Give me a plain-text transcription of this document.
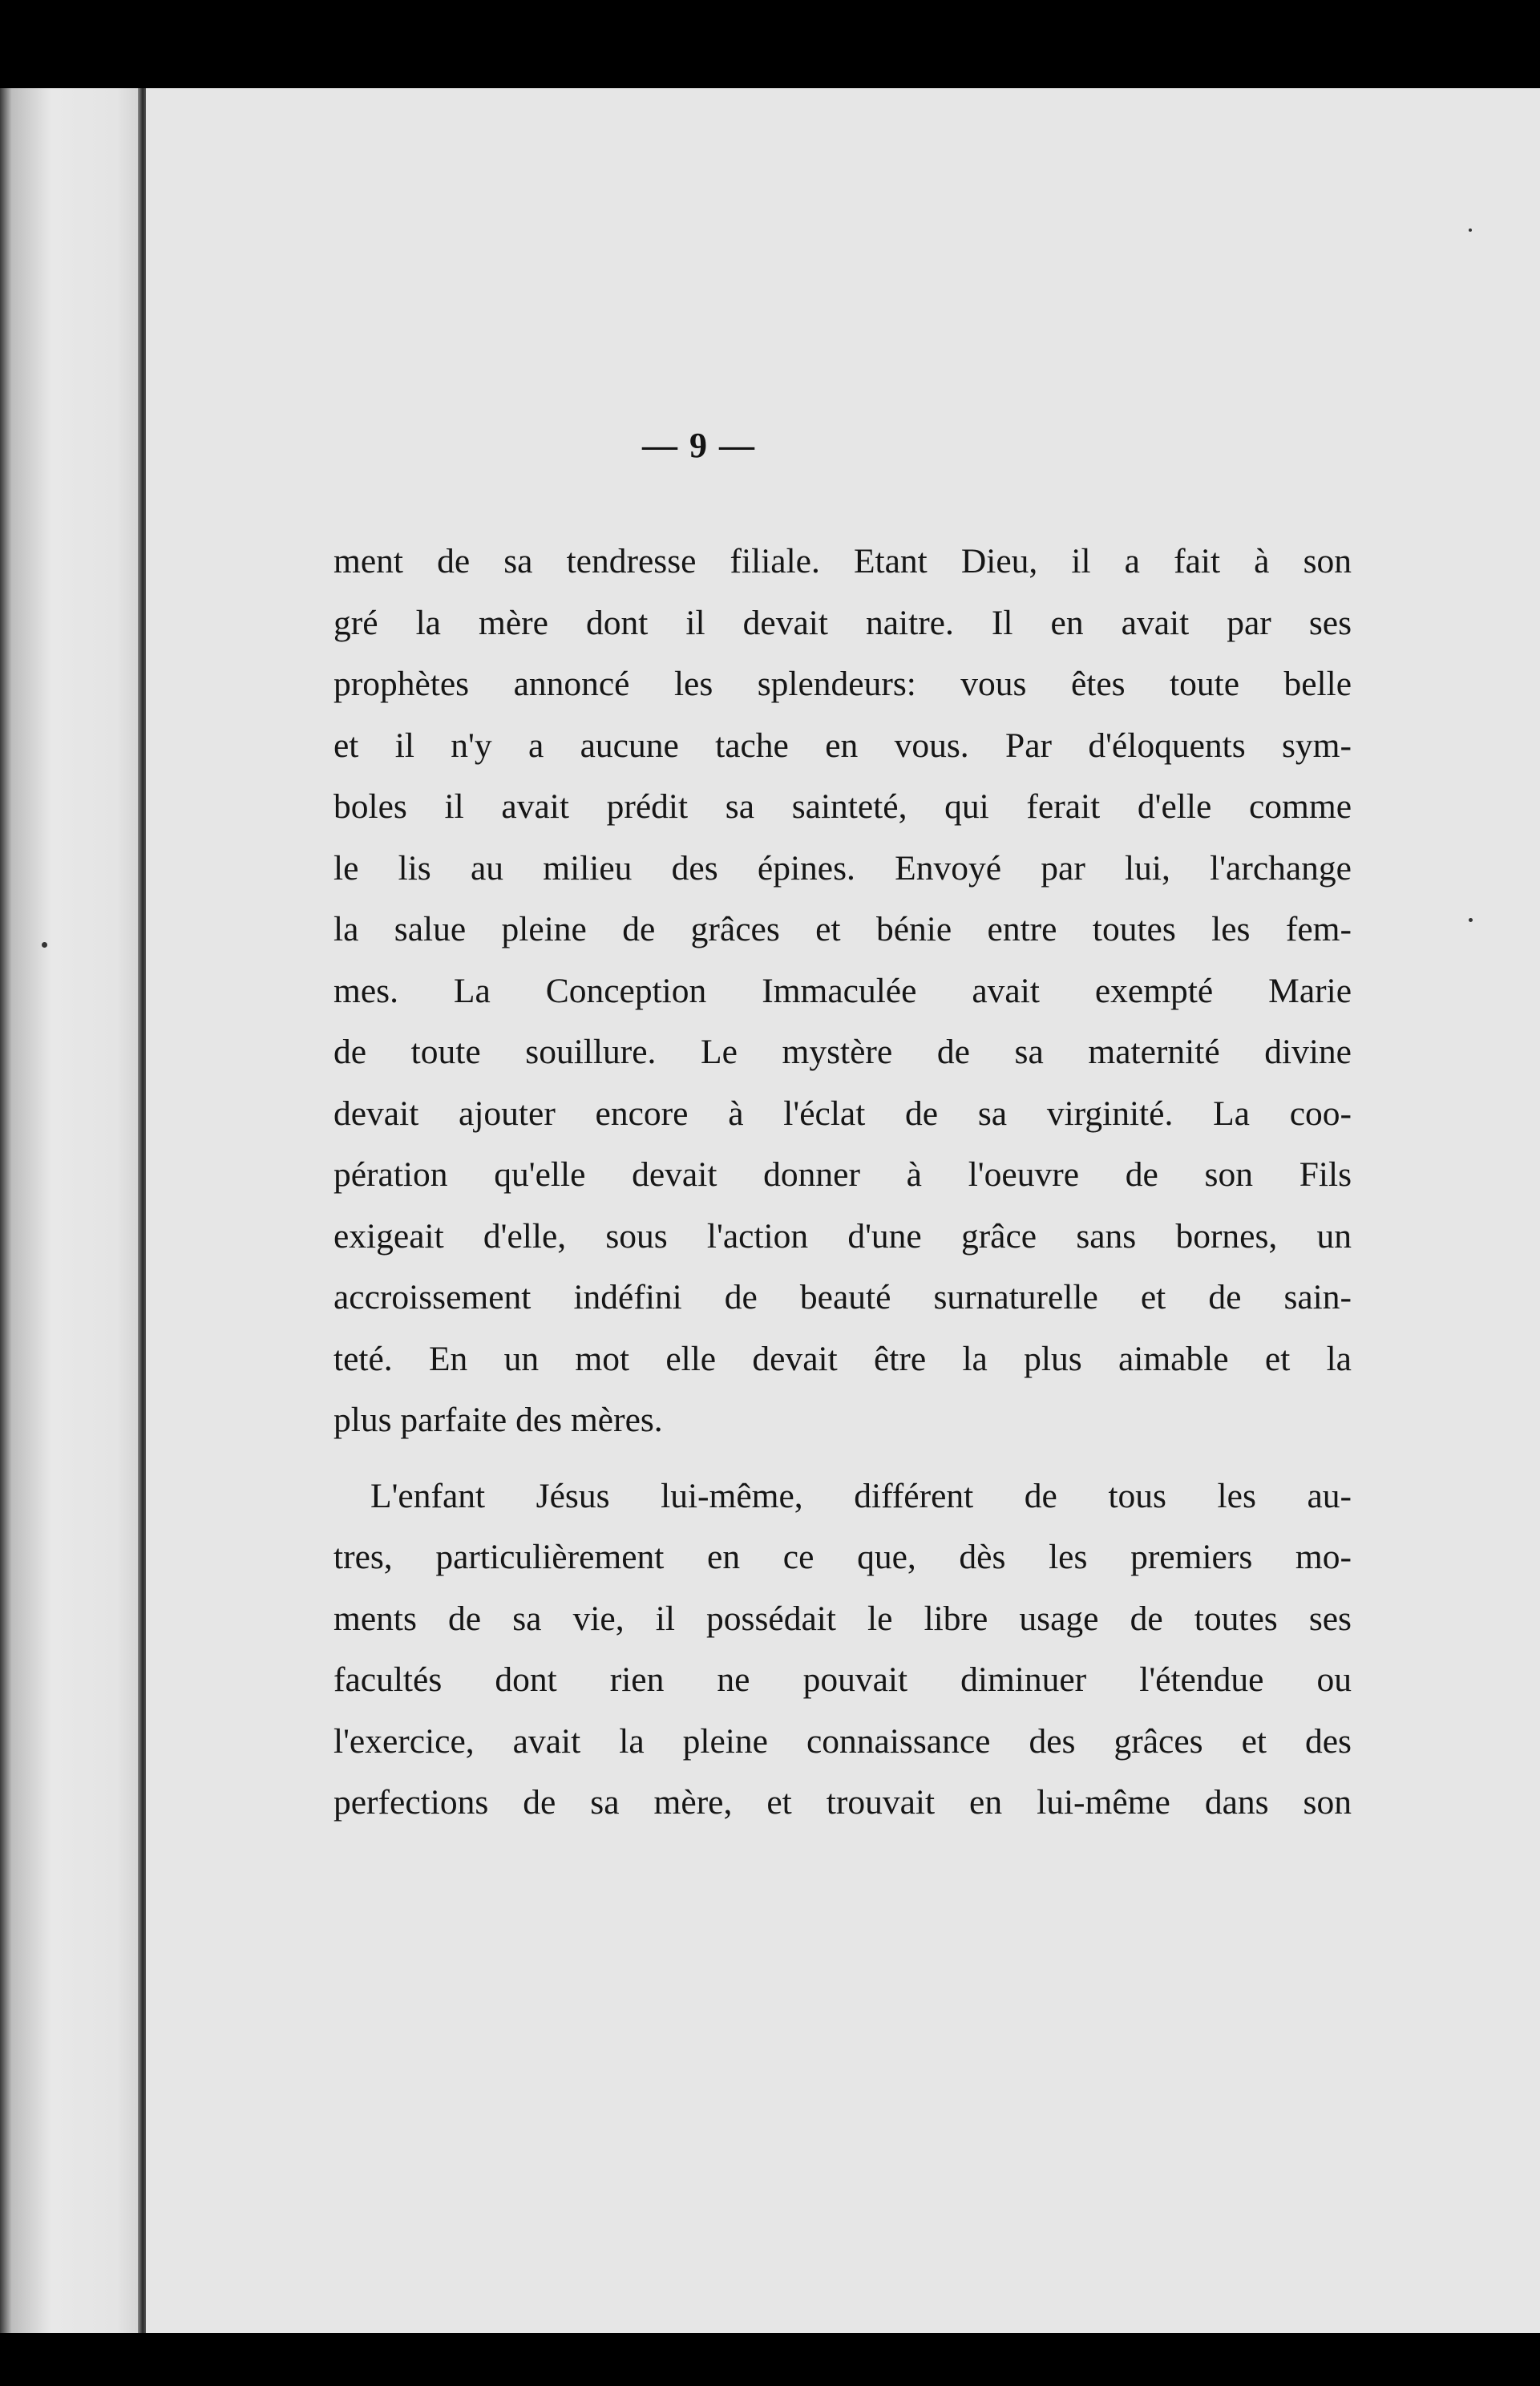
— 9 —
ment de sa tendresse filiale. Etant Dieu, il a fait à son
gré la mère dont il devait naitre. Il en avait par ses
prophètes annoncé les splendeurs: vous êtes toute belle
et il n'y a aucune tache en vous. Par d'éloquents sym-
boles il avait prédit sa sainteté, qui ferait d'elle comme
le lis au milieu des épines. Envoyé par lui, l'archange
la salue pleine de grâces et bénie entre toutes les fem-
mes. La Conception Immaculée avait exempté Marie
de toute souillure. Le mystère de sa maternité divine
devait ajouter encore à l'éclat de sa virginité. La coo-
pération qu'elle devait donner à l'oeuvre de son Fils
exigeait d'elle, sous l'action d'une grâce sans bornes, un
accroissement indéfini de beauté surnaturelle et de sain-
teté. En un mot elle devait être la plus aimable et la
plus parfaite des mères.
L'enfant Jésus lui-même, différent de tous les au-
tres, particulièrement en ce que, dès les premiers mo-
ments de sa vie, il possédait le libre usage de toutes ses
facultés dont rien ne pouvait diminuer l'étendue ou
l'exercice, avait la pleine connaissance des grâces et des
perfections de sa mère, et trouvait en lui-même dans son
